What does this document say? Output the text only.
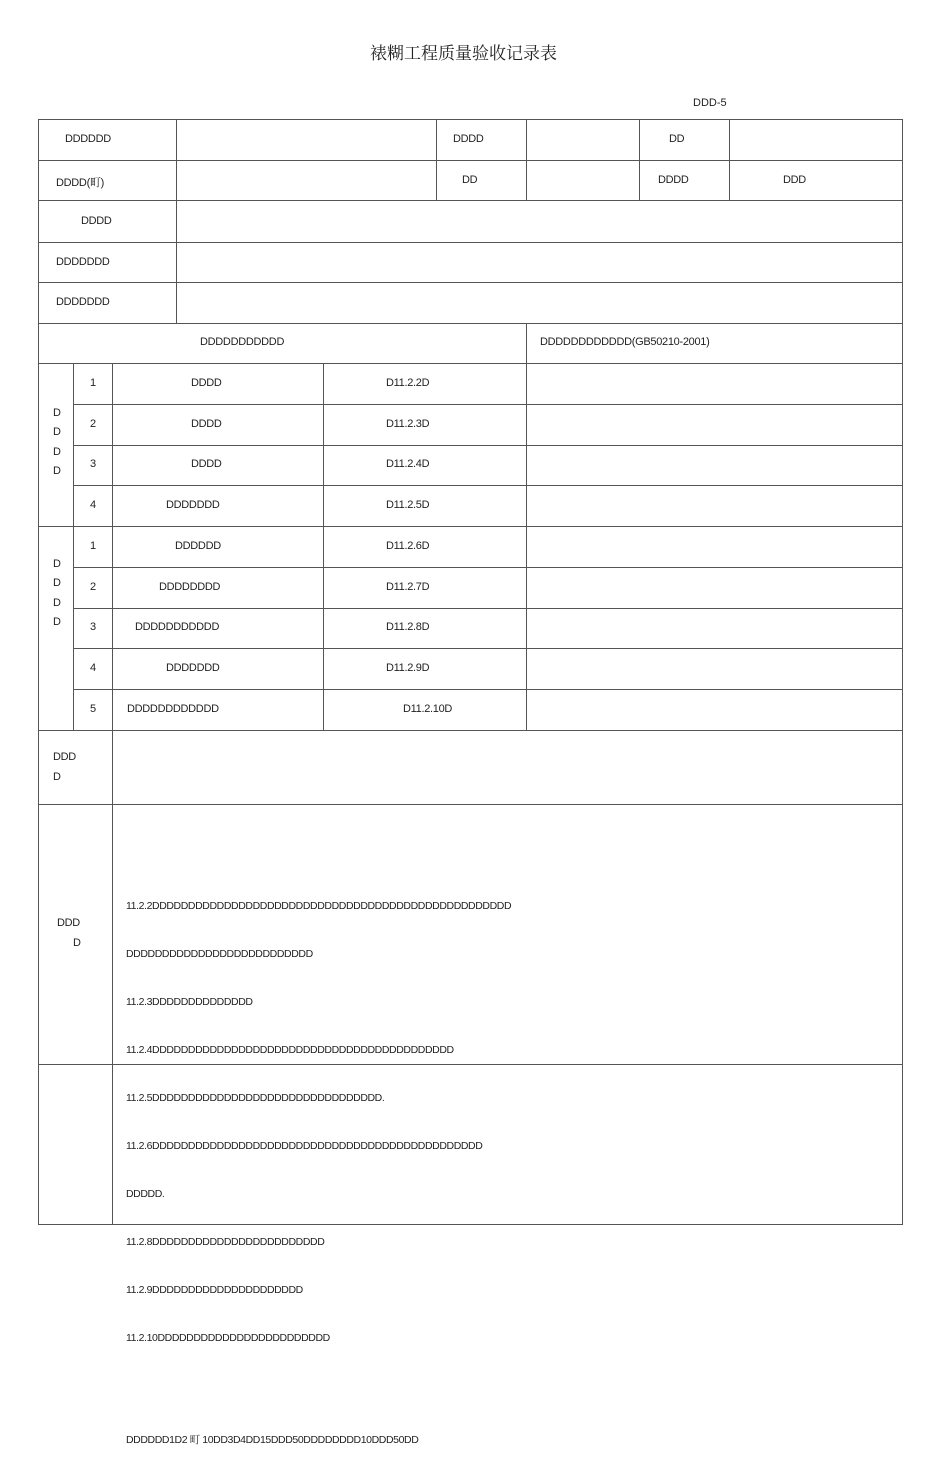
裱糊工程质量验收记录表
DDD-5
DDDDDD	DDDD	DD
DDDD(町)	DD	DDDD	DDD
DDDD
DDDDDDD
DDDDDDD
DDDDDDDDDDD	DDDDDDDDDDDD(GB50210-2001)
D
D
D
D
1	DDDD	D11.2.2D
2	DDDD	D11.2.3D
3	DDDD	D11.2.4D
4	DDDDDDD	D11.2.5D
D
D
D
D
1	DDDDDD	D11.2.6D
2	DDDDDDDD	D11.2.7D
3	DDDDDDDDDDD	D11.2.8D
4	DDDDDDD	D11.2.9D
5	DDDDDDDDDDDD	D11.2.10D
DDD
D
DDD
D

11.2.2DDDDDDDDDDDDDDDDDDDDDDDDDDDDDDDDDDDDDDDDDDDDDDDDDD

DDDDDDDDDDDDDDDDDDDDDDDDDD

11.2.3DDDDDDDDDDDDDD

11.2.4DDDDDDDDDDDDDDDDDDDDDDDDDDDDDDDDDDDDDDDDDD

11.2.5DDDDDDDDDDDDDDDDDDDDDDDDDDDDDDDD.

11.2.6DDDDDDDDDDDDDDDDDDDDDDDDDDDDDDDDDDDDDDDDDDDDDD

DDDDD.

11.2.8DDDDDDDDDDDDDDDDDDDDDDDD

11.2.9DDDDDDDDDDDDDDDDDDDDD

11.2.10DDDDDDDDDDDDDDDDDDDDDDDD

DDDDDD1D2 町 10DD3D4DD15DDD50DDDDDDDD10DDD50DD
